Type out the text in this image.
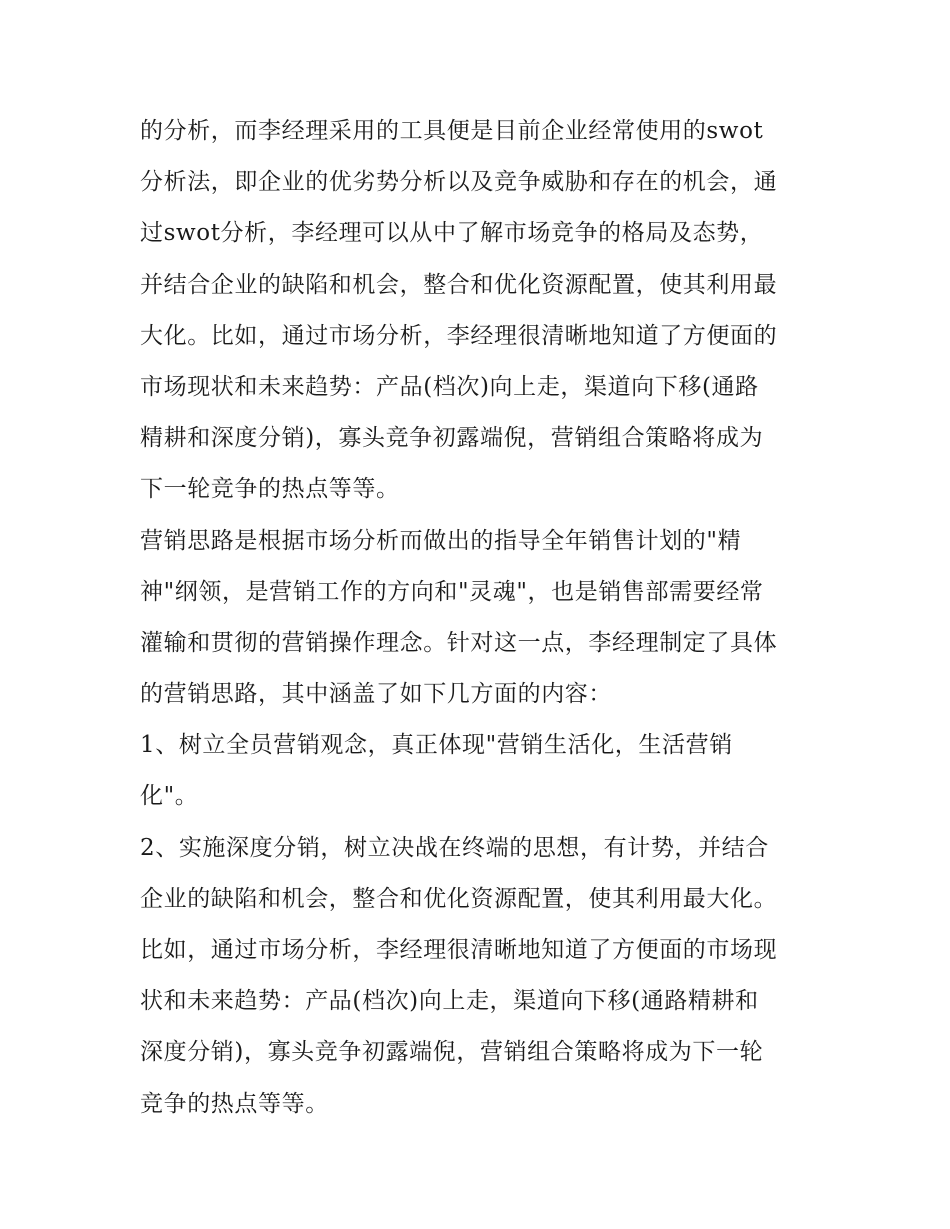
的分析，而李经理采用的工具便是目前企业经常使用的swot
分析法，即企业的优劣势分析以及竞争威胁和存在的机会，通
过swot分析，李经理可以从中了解市场竞争的格局及态势，
并结合企业的缺陷和机会，整合和优化资源配置，使其利用最
大化。比如，通过市场分析，李经理很清晰地知道了方便面的
市场现状和未来趋势：产品(档次)向上走，渠道向下移(通路
精耕和深度分销)，寡头竞争初露端倪，营销组合策略将成为
下一轮竞争的热点等等。
营销思路是根据市场分析而做出的指导全年销售计划的"精
神"纲领，是营销工作的方向和"灵魂"，也是销售部需要经常
灌输和贯彻的营销操作理念。针对这一点，李经理制定了具体
的营销思路，其中涵盖了如下几方面的内容：
1、树立全员营销观念，真正体现"营销生活化，生活营销
化"。
2、实施深度分销，树立决战在终端的思想，有计势，并结合
企业的缺陷和机会，整合和优化资源配置，使其利用最大化。
比如，通过市场分析，李经理很清晰地知道了方便面的市场现
状和未来趋势：产品(档次)向上走，渠道向下移(通路精耕和
深度分销)，寡头竞争初露端倪，营销组合策略将成为下一轮
竞争的热点等等。
